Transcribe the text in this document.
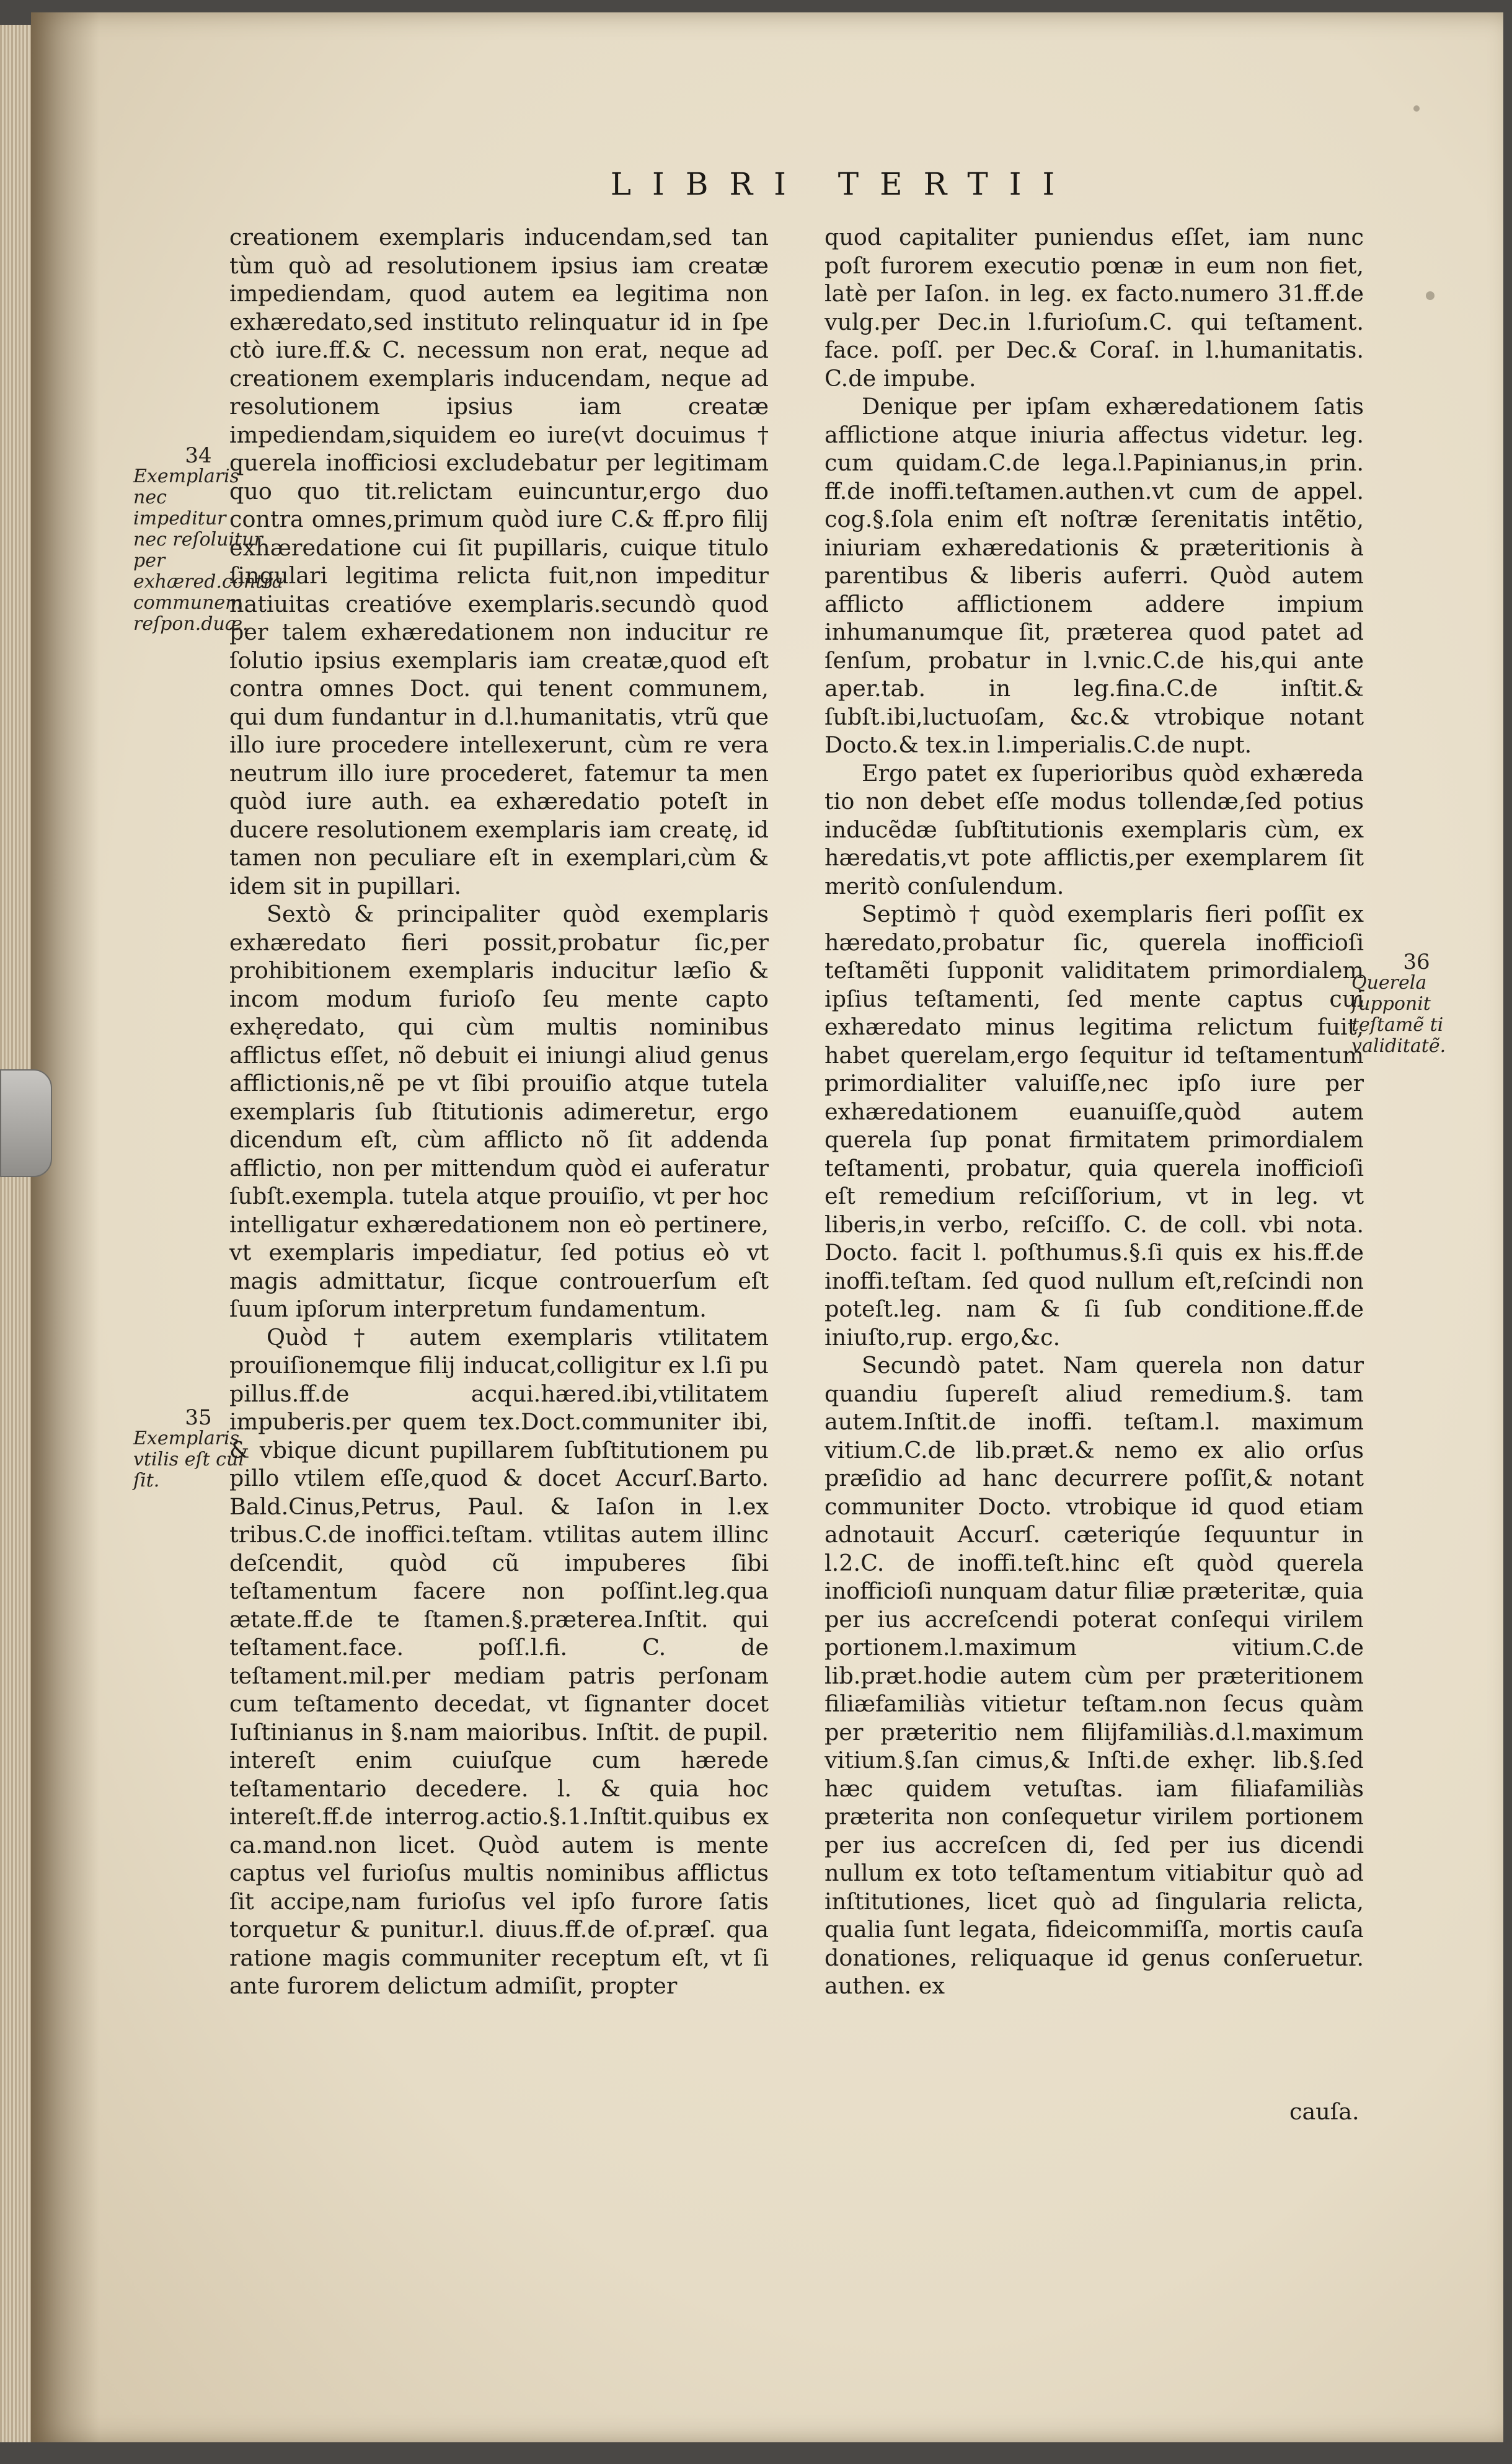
LIBRI TERTII

creationem exemplaris inducendam,sed tan tùm quò ad resolutionem ipsius iam creatæ impediendam, quod autem ea legitima non exhæredato,sed instituto relinquatur id in ſpe ctò iure.ff.& C. necessum non erat, neque ad creationem exemplaris inducendam, neque ad resolutionem ipsius iam creatæ impediendam,siquidem eo iure(vt docuimus † querela inofficiosi excludebatur per legitimam quo quo tit.relictam euincuntur,ergo duo contra omnes,primum quòd iure C.& ff.pro filij exhæredatione cui ſit pupillaris, cuique titulo ſingulari legitima relicta fuit,non impeditur natiuitas creatióve exemplaris.secundò quod per talem exhæredationem non inducitur re ſolutio ipsius exemplaris iam creatæ,quod eſt contra omnes Doct. qui tenent communem, qui dum fundantur in d.l.humanitatis, vtrũ que illo iure procedere intellexerunt, cùm re vera neutrum illo iure procederet, fatemur ta men quòd iure auth. ea exhæredatio poteſt in ducere resolutionem exemplaris iam creatę, id tamen non peculiare eſt in exemplari,cùm & idem sit in pupillari.

Sextò & principaliter quòd exemplaris exhæredato fieri possit,probatur ſic,per prohibitionem exemplaris inducitur læſio & incom modum furioſo ſeu mente capto exhęredato, qui cùm multis nominibus afflictus eſſet, nõ debuit ei iniungi aliud genus afflictionis,nẽ pe vt ſibi prouiſio atque tutela exemplaris ſub ſtitutionis adimeretur, ergo dicendum eſt, cùm afflicto nõ ſit addenda afflictio, non per mittendum quòd ei auferatur ſubſt.exempla. tutela atque prouiſio, vt per hoc intelligatur exhæredationem non eò pertinere, vt exemplaris impediatur, ſed potius eò vt magis admittatur, ſicque controuerſum eſt ſuum ipſorum interpretum fundamentum.

Quòd † autem exemplaris vtilitatem prouiſionemque filij inducat,colligitur ex l.ſi pu pillus.ff.de acqui.hæred.ibi,vtilitatem impuberis.per quem tex.Doct.communiter ibi, & vbique dicunt pupillarem ſubſtitutionem pu pillo vtilem eſſe,quod & docet Accurſ.Barto. Bald.Cinus,Petrus, Paul. & Iaſon in l.ex tribus.C.de inoffici.teſtam. vtilitas autem illinc deſcendit, quòd cũ impuberes ſibi teſtamentum facere non poſſint.leg.qua ætate.ff.de te ſtamen.§.præterea.Inſtit. qui teſtament.face. poſſ.l.fi. C. de teſtament.mil.per mediam patris perſonam cum teſtamento decedat, vt ſignanter docet Iuſtinianus in §.nam maioribus. Inſtit. de pupil. intereſt enim cuiuſque cum hærede teſtamentario decedere. l. & quia hoc intereſt.ff.de interrog.actio.§.1.Inſtit.quibus ex ca.mand.non licet. Quòd autem is mente captus vel furioſus multis nominibus afflictus ſit accipe,nam furioſus vel ipſo furore ſatis torquetur & punitur.l. diuus.ff.de of.præſ. qua ratione magis communiter receptum eſt, vt ſi ante furorem delictum admiſit, propter

quod capitaliter puniendus eſſet, iam nunc poſt furorem executio pœnæ in eum non fiet, latè per Iaſon. in leg. ex facto.numero 31.ff.de vulg.per Dec.in l.furioſum.C. qui teſtament. face. poſſ. per Dec.& Coraſ. in l.humanitatis. C.de impube.

Denique per ipſam exhæredationem ſatis afflictione atque iniuria affectus videtur. leg. cum quidam.C.de lega.l.Papinianus,in prin. ff.de inoffi.teſtamen.authen.vt cum de appel. cog.§.ſola enim eſt noſtræ ſerenitatis intẽtio, iniuriam exhæredationis & præteritionis à parentibus & liberis auferri. Quòd autem afflicto afflictionem addere impium inhumanumque ſit, præterea quod patet ad ſenſum, probatur in l.vnic.C.de his,qui ante aper.tab. in leg.fina.C.de inſtit.& ſubſt.ibi,luctuoſam, &c.& vtrobique notant Docto.& tex.in l.imperialis.C.de nupt.

Ergo patet ex ſuperioribus quòd exhæreda tio non debet eſſe modus tollendæ,ſed potius inducẽdæ ſubſtitutionis exemplaris cùm, ex hæredatis,vt pote afflictis,per exemplarem ſit meritò conſulendum.

Septimò † quòd exemplaris fieri poſſit ex hæredato,probatur ſic, querela inofficioſi teſtamẽti ſupponit validitatem primordialem ipſius teſtamenti, ſed mente captus cui exhæredato minus legitima relictum fuit, habet querelam,ergo ſequitur id teſtamentum primordialiter valuiſſe,nec ipſo iure per exhæredationem euanuiſſe,quòd autem querela ſup ponat firmitatem primordialem teſtamenti, probatur, quia querela inofficioſi eſt remedium reſciſſorium, vt in leg. vt liberis,in verbo, reſciſſo. C. de coll. vbi nota. Docto. facit l. poſthumus.§.ſi quis ex his.ff.de inoffi.teſtam. ſed quod nullum eſt,reſcindi non poteſt.leg. nam & ſi ſub conditione.ff.de iniuſto,rup. ergo,&c.

Secundò patet. Nam querela non datur quandiu ſupereſt aliud remedium.§. tam autem.Inſtit.de inoffi. teſtam.l. maximum vitium.C.de lib.præt.& nemo ex alio orſus præſidio ad hanc decurrere poſſit,& notant communiter Docto. vtrobique id quod etiam adnotauit Accurſ. cæteriqúe ſequuntur in l.2.C. de inoffi.teſt.hinc eſt quòd querela inofficioſi nunquam datur filiæ præteritæ, quia per ius accreſcendi poterat conſequi virilem portionem.l.maximum vitium.C.de lib.præt.hodie autem cùm per præteritionem filiæfamiliàs vitietur teſtam.non ſecus quàm per præteritio nem filijfamiliàs.d.l.maximum vitium.§.ſan cimus,& Inſti.de exhęr. lib.§.ſed hæc quidem vetuſtas. iam filiafamiliàs præterita non conſequetur virilem portionem per ius accreſcen di, ſed per ius dicendi nullum ex toto teſtamentum vitiabitur quò ad inſtitutiones, licet quò ad ſingularia relicta, qualia ſunt legata, fideicommiſſa, mortis cauſa donationes, reliquaque id genus conſeruetur. authen. ex

34
Exemplaris nec impeditur nec reſoluitur per exhæred.contra communem reſpon.duæ.
35
Exemplaris vtilis eſt cui ſit.
36
Querela ſupponit teſtamẽ ti validitatẽ.
cauſa.
